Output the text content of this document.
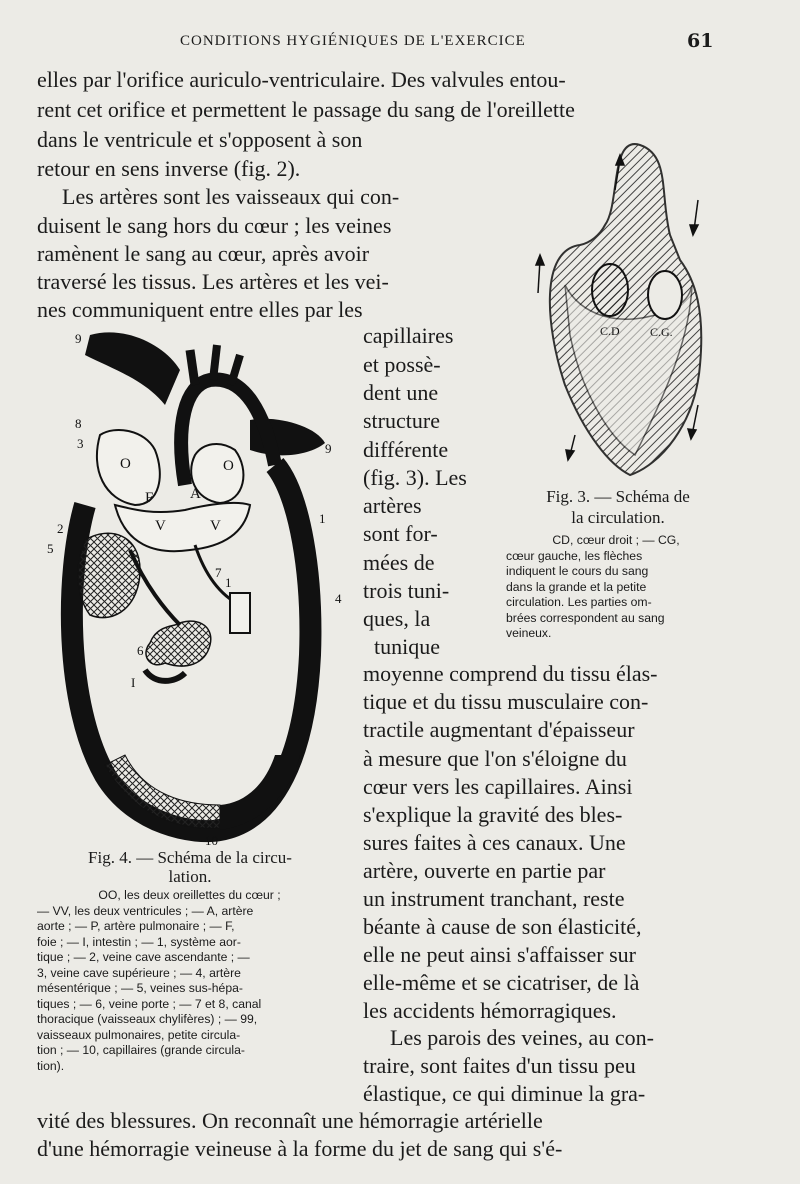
CONDITIONS HYGIÉNIQUES DE L'EXERCICE	61
elles par l'orifice auriculo-ventriculaire. Des valvules entou-
rent cet orifice et permettent le passage du sang de l'oreillette
dans le ventricule et s'opposent à son
retour en sens inverse (fig. 2).
Les artères sont les vaisseaux qui con-
duisent le sang hors du cœur ; les veines
ramènent le sang au cœur, après avoir
traversé les tissus. Les artères et les vei-
nes communiquent entre elles par les
capillaires
et possè-
dent une
structure
différente
(fig. 3). Les
artères
sont for-
mées de
trois tuni-
ques, la
tunique
moyenne comprend du tissu élas-
tique et du tissu musculaire con-
tractile augmentant d'épaisseur
à mesure que l'on s'éloigne du
cœur vers les capillaires. Ainsi
s'explique la gravité des bles-
sures faites à ces canaux. Une
artère, ouverte en partie par
un instrument tranchant, reste
béante à cause de son élasticité,
elle ne peut ainsi s'affaisser sur
elle-même et se cicatriser, de là
les accidents hémorragiques.
Les parois des veines, au con-
traire, sont faites d'un tissu peu
élastique, ce qui diminue la gra-
vité des blessures. On reconnaît une hémorragie artérielle
d'une hémorragie veineuse à la forme du jet de sang qui s'é-
C.D	C.G.
Fig. 3. — Schéma de
la circulation.
CD, cœur droit ; — CG,
cœur gauche, les flèches
indiquent le cours du sang
dans la grande et la petite
circulation. Les parties om-
brées correspondent au sang
veineux.
9
9
8
3
2
5
1
7
1
4
6
I
10
O	O
F A
V	V
Fig. 4. — Schéma de la circu-
lation.
OO, les deux oreillettes du cœur ;
— VV, les deux ventricules ; — A, artère
aorte ; — P, artère pulmonaire ; — F,
foie ; — I, intestin ; — 1, système aor-
tique ; — 2, veine cave ascendante ; —
3, veine cave supérieure ; — 4, artère
mésentérique ; — 5, veines sus-hépa-
tiques ; — 6, veine porte ; — 7 et 8, canal
thoracique (vaisseaux chylifères) ; — 99,
vaisseaux pulmonaires, petite circula-
tion ; — 10, capillaires (grande circula-
tion).
